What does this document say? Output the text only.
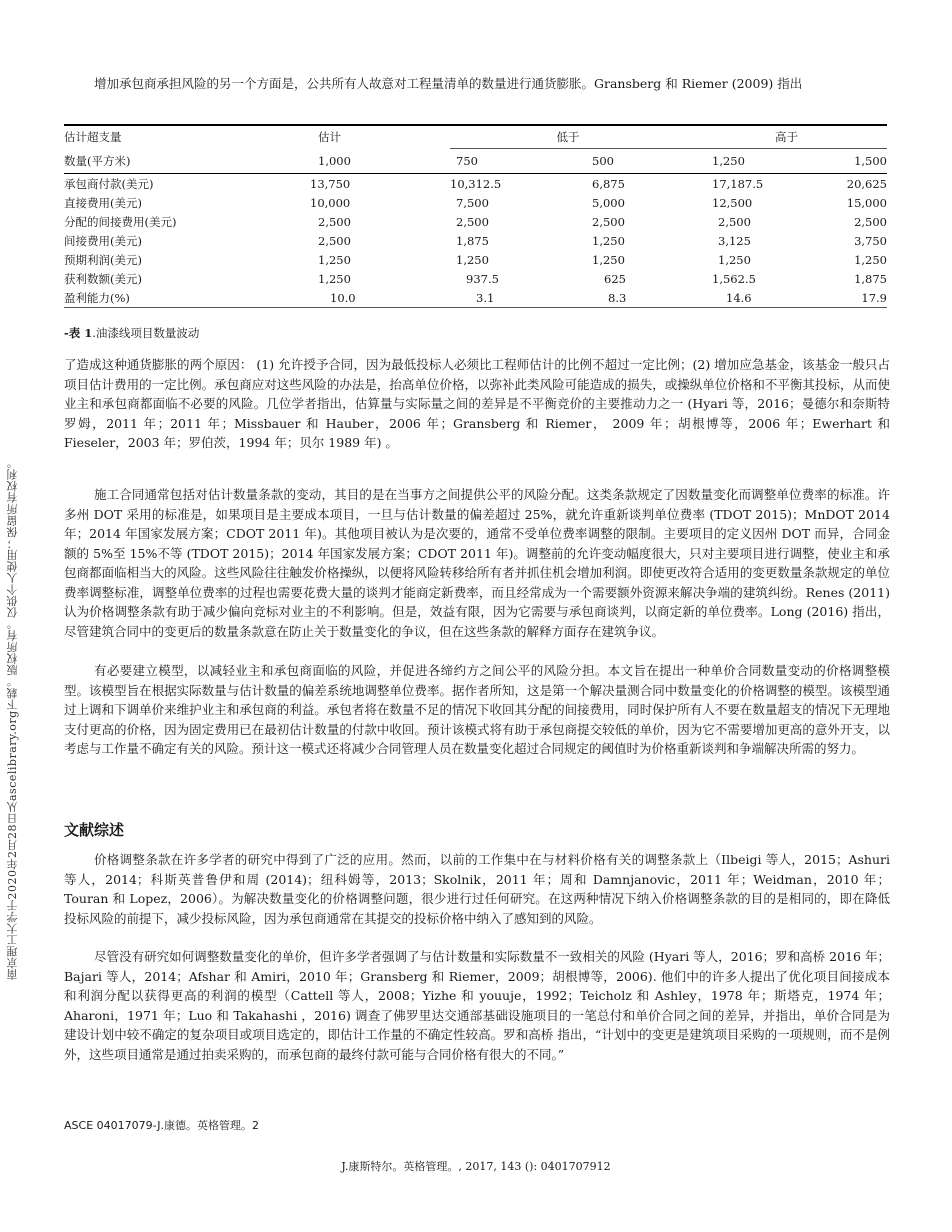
南京理工大学于2020年2月28日从ascelibrary.org下载。版权所有。仅供个人使用；保留所有权利。
增加承包商承担风险的另一个方面是，公共所有人故意对工程量清单的数量进行通货膨胀。Gransberg 和 Riemer (2009) 指出
估计超支量	估计	低于		高于	
数量(平方米)	1,000	750	500	1,250	1,500
承包商付款(美元)	13,750	10,312.5	6,875	17,187.5	20,625
直接费用(美元)	10,000	7,500	5,000	12,500	15,000
分配的间接费用(美元)	2,500	2,500	2,500	2,500	2,500
间接费用(美元)	2,500	1,875	1,250	3,125	3,750
预期利润(美元)	1,250	1,250	1,250	1,250	1,250
获利数额(美元)	1,250	937.5	625	1,562.5	1,875
盈利能力(%)	10.0	3.1	8.3	14.6	17.9
-表 1.油漆线项目数量波动

了造成这种通货膨胀的两个原因： (1) 允许授予合同，因为最低投标人必须比工程师估计的比例不超过一定比例；(2) 增加应急基金，该基金一般只占项目估计费用的一定比例。承包商应对这些风险的办法是，抬高单位价格，以弥补此类风险可能造成的损失，或操纵单位价格和不平衡其投标，从而使业主和承包商都面临不必要的风险。几位学者指出，估算量与实际量之间的差异是不平衡竞价的主要推动力之一 (Hyari 等，2016；曼德尔和奈斯特罗姆，2011 年；2011 年；Missbauer 和 Hauber，2006 年；Gransberg 和 Riemer， 2009 年；胡根博等，2006 年；Ewerhart 和 Fieseler，2003 年；罗伯茨，1994 年；贝尔 1989 年) 。

施工合同通常包括对估计数量条款的变动，其目的是在当事方之间提供公平的风险分配。这类条款规定了因数量变化而调整单位费率的标准。许多州 DOT 采用的标准是，如果项目是主要成本项目，一旦与估计数量的偏差超过 25%，就允许重新谈判单位费率 (TDOT 2015)；MnDOT 2014 年；2014 年国家发展方案；CDOT 2011 年)。其他项目被认为是次要的，通常不受单位费率调整的限制。主要项目的定义因州 DOT 而异，合同金额的 5%至 15%不等 (TDOT 2015)；2014 年国家发展方案；CDOT 2011 年)。调整前的允许变动幅度很大，只对主要项目进行调整，使业主和承包商都面临相当大的风险。这些风险往往触发价格操纵，以便将风险转移给所有者并抓住机会增加利润。即使更改符合适用的变更数量条款规定的单位费率调整标准，调整单位费率的过程也需要花费大量的谈判才能商定新费率，而且经常成为一个需要额外资源来解决争端的建筑纠纷。Renes (2011) 认为价格调整条款有助于减少偏向竞标对业主的不利影响。但是，效益有限，因为它需要与承包商谈判，以商定新的单位费率。Long (2016) 指出，尽管建筑合同中的变更后的数量条款意在防止关于数量变化的争议，但在这些条款的解释方面存在建筑争议。

有必要建立模型，以减轻业主和承包商面临的风险，并促进各缔约方之间公平的风险分担。本文旨在提出一种单价合同数量变动的价格调整模型。该模型旨在根据实际数量与估计数量的偏差系统地调整单位费率。据作者所知，这是第一个解决量测合同中数量变化的价格调整的模型。该模型通过上调和下调单价来维护业主和承包商的利益。承包者将在数量不足的情况下收回其分配的间接费用，同时保护所有人不要在数量超支的情况下无理地支付更高的价格，因为固定费用已在最初估计数量的付款中收回。预计该模式将有助于承包商提交较低的单价，因为它不需要增加更高的意外开支，以考虑与工作量不确定有关的风险。预计这一模式还将减少合同管理人员在数量变化超过合同规定的阈值时为价格重新谈判和争端解决所需的努力。

文献综述

价格调整条款在许多学者的研究中得到了广泛的应用。然而，以前的工作集中在与材料价格有关的调整条款上（Ilbeigi 等人，2015；Ashuri 等人，2014；科斯英普鲁伊和周 (2014)；纽科姆等，2013；Skolnik，2011 年；周和 Damnjanovic，2011 年；Weidman，2010 年；Touran 和 Lopez，2006）。为解决数量变化的价格调整问题，很少进行过任何研究。在这两种情况下纳入价格调整条款的目的是相同的，即在降低投标风险的前提下，减少投标风险，因为承包商通常在其提交的投标价格中纳入了感知到的风险。

尽管没有研究如何调整数量变化的单价，但许多学者强调了与估计数量和实际数量不一致相关的风险 (Hyari 等人，2016；罗和高桥 2016 年；Bajari 等人，2014；Afshar 和 Amiri，2010 年；Gransberg 和 Riemer，2009；胡根博等，2006). 他们中的许多人提出了优化项目间接成本和利润分配以获得更高的利润的模型（Cattell 等人，2008；Yizhe 和 youuje，1992；Teicholz 和 Ashley，1978 年；斯塔克，1974 年；Aharoni，1971 年；Luo 和 Takahashi ，2016) 调查了佛罗里达交通部基础设施项目的一笔总付和单价合同之间的差异，并指出，单价合同是为建设计划中较不确定的复杂项目或项目选定的，即估计工作量的不确定性较高。罗和高桥 指出，“计划中的变更是建筑项目采购的一项规则，而不是例外，这些项目通常是通过拍卖采购的，而承包商的最终付款可能与合同价格有很大的不同。”

ASCE 04017079-J.康德。英格管理。2
J.康斯特尔。英格管理。, 2017, 143 (): 0401707912
